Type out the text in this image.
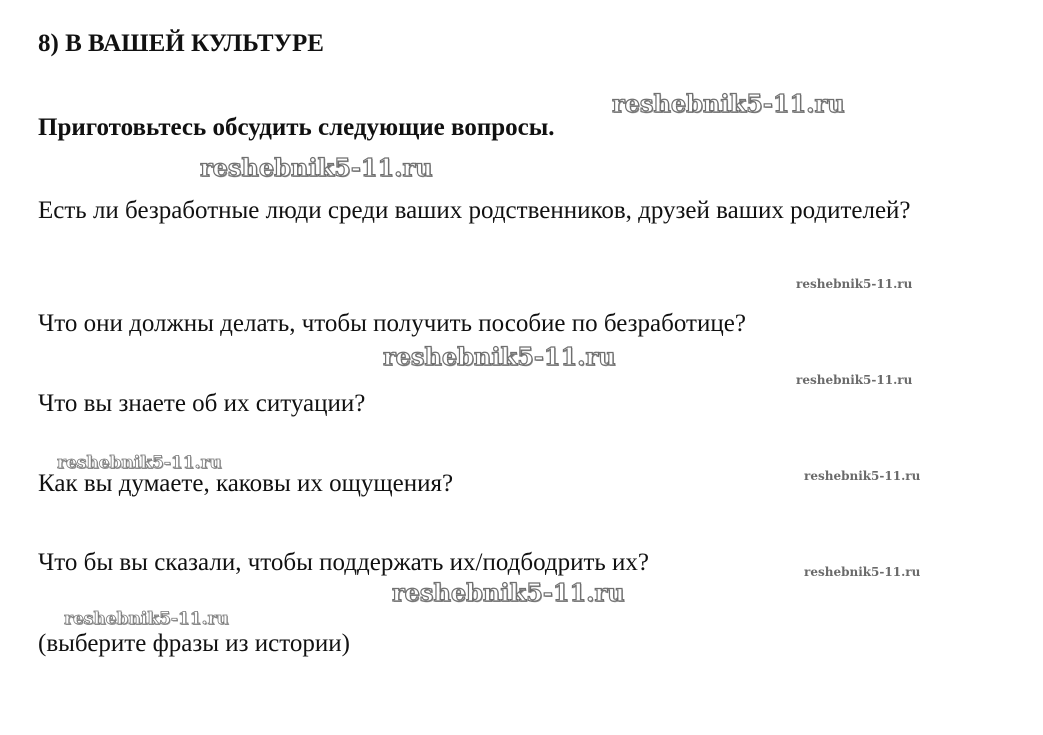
8) В ВАШЕЙ КУЛЬТУРЕ
reshebnik5-11.ru
Приготовьтесь обсудить следующие вопросы.
reshebnik5-11.ru
Есть ли безработные люди среди ваших родственников, друзей ваших родителей?
reshebnik5-11.ru
Что они должны делать, чтобы получить пособие по безработице?
reshebnik5-11.ru
reshebnik5-11.ru
Что вы знаете об их ситуации?
reshebnik5-11.ru
reshebnik5-11.ru
Как вы думаете, каковы их ощущения?
Что бы вы сказали, чтобы поддержать их/подбодрить их?	reshebnik5-11.ru
reshebnik5-11.ru
reshebnik5-11.ru
(выберите фразы из истории)
